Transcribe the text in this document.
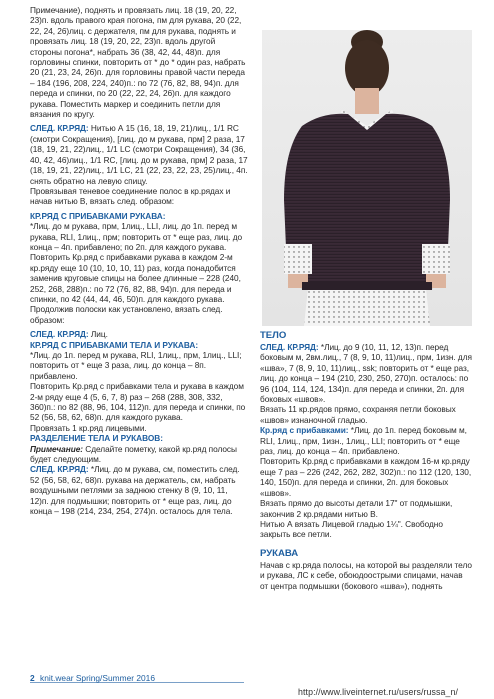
Примечание), поднять и провязать лиц. 18 (19, 20, 22, 23)п. вдоль правого края погона, пм для рукава, 20 (22, 22, 24, 26)лиц. с держателя, пм для рукава, поднять и провязать лиц. 18 (19, 20, 22, 23)п. вдоль другой стороны погона*, набрать 36 (38, 42, 44, 48)п. для горловины спинки, повторить от * до * один раз, набрать 20 (21, 23, 24, 26)п. для горловины правой части переда – 184 (196, 208, 224, 240)п.: по 72 (76, 82, 88, 94)п. для переда и спинки, по 20 (22, 22, 24, 26)п. для каждого рукава. Поместить маркер и соединить петли для вязания по кругу.

СЛЕД. КР.РЯД: Нитью А 15 (16, 18, 19, 21)лиц., 1/1 RC (смотри Сокращения), [лиц. до м рукава, прм] 2 раза, 17 (18, 19, 21, 22)лиц., 1/1 LC (смотри Сокращения), 34 (36, 40, 42, 46)лиц., 1/1 RC, [лиц. до м рукава, прм] 2 раза, 17 (18, 19, 21, 22)лиц., 1/1 LC, 21 (22, 23, 22, 23, 25)лиц., 4п. снять обратно на левую спицу.

Провязывая теневое соединение полос в кр.рядах и начав нитью В, вязать след. образом:

КР.РЯД С ПРИБАВКАМИ РУКАВА:

*Лиц. до м рукава, прм, 1лиц., LLI, лиц. до 1п. перед м рукава, RLI, 1лиц., прм; повторить от * еще раз, лиц. до конца – 4п. прибавлено; по 2п. для каждого рукава.

Повторить Кр.ряд с прибавками рукава в каждом 2-м кр.ряду еще 10 (10, 10, 10, 11) раз, когда понадобится заменив круговые спицы на более длинные – 228 (240, 252, 268, 288)п.: по 72 (76, 82, 88, 94)п. для переда и спинки, по 42 (44, 44, 46, 50)п. для каждого рукава.

Продолжив полоски как установлено, вязать след. образом:

СЛЕД. КР.РЯД: Лиц.

КР.РЯД С ПРИБАВКАМИ ТЕЛА И РУКАВА:

*Лиц. до 1п. перед м рукава, RLI, 1лиц., прм, 1лиц., LLI; повторить от * еще 3 раза, лиц. до конца – 8п. прибавлено.

Повторить Кр.ряд с прибавками тела и рукава в каждом 2-м ряду еще 4 (5, 6, 7, 8) раз – 268 (288, 308, 332, 360)п.: по 82 (88, 96, 104, 112)п. для переда и спинки, по 52 (56, 58, 62, 68)п. для каждого рукава.

Провязать 1 кр.ряд лицевыми.

РАЗДЕЛЕНИЕ ТЕЛА И РУКАВОВ:

Примечание: Сделайте пометку, какой кр.ряд полосы будет следующим.

СЛЕД. КР.РЯД: *Лиц. до м рукава, см, поместить след. 52 (56, 58, 62, 68)п. рукава на держатель, см, набрать воздушными петлями за заднюю стенку 8 (9, 10, 11, 12)п. для подмышки; повторить от * еще раз, лиц. до конца – 198 (214, 234, 254, 274)п. осталось для тела.

ТЕЛО

СЛЕД. КР.РЯД: *Лиц. до 9 (10, 11, 12, 13)п. перед боковым м, 2вм.лиц., 7 (8, 9, 10, 11)лиц., прм, 1изн. для «шва», 7 (8, 9, 10, 11)лиц., ssk; повторить от * еще раз, лиц. до конца – 194 (210, 230, 250, 270)п. осталось: по 96 (104, 114, 124, 134)п. для переда и спинки, 2п. для боковых «швов».

Вязать 11 кр.рядов прямо, сохраняя петли боковых «швов» изнаночной гладью.

Кр.ряд с прибавками: *Лиц. до 1п. перед боковым м, RLI, 1лиц., прм, 1изн., 1лиц., LLI; повторить от * еще раз, лиц. до конца – 4п. прибавлено.

Повторить Кр.ряд с прибавками в каждом 16-м кр.ряду еще 7 раз – 226 (242, 262, 282, 302)п.: по 112 (120, 130, 140, 150)п. для переда и спинки, 2п. для боковых «швов».

Вязать прямо до высоты детали 17" от подмышки, закончив 2 кр.рядами нитью В.

Нитью А вязать Лицевой гладью 1¼". Свободно закрыть все петли.

РУКАВА

Начав с кр.ряда полосы, на которой вы разделяли тело и рукава, ЛС к себе, обоюдоострыми спицами, начав от центра подмышки (бокового «шва»), поднять

2 knit.wear Spring/Summer 2016
http://www.liveinternet.ru/users/russa_n/
